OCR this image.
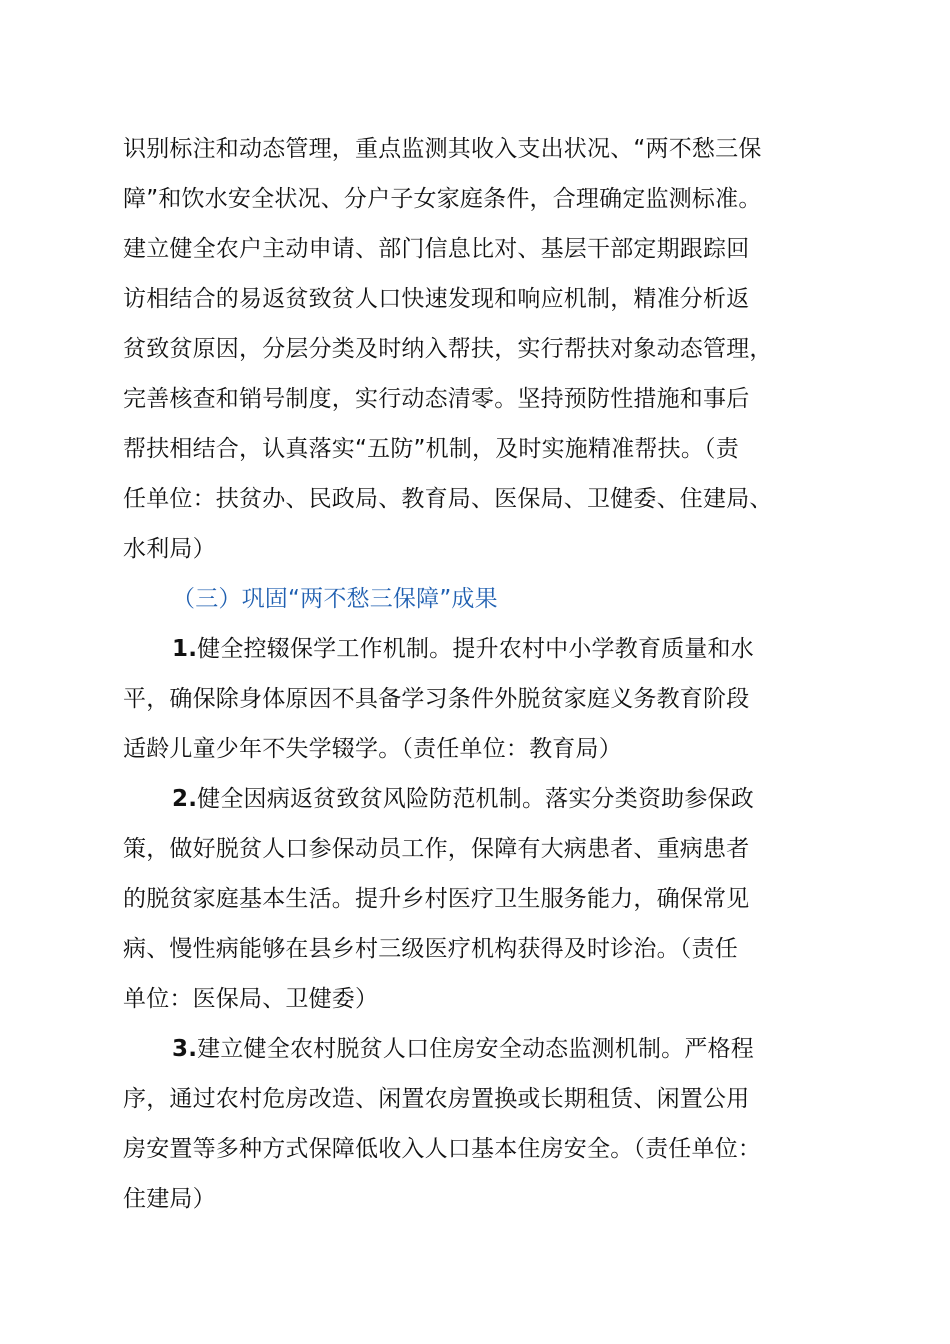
识别标注和动态管理，重点监测其收入支出状况、“两不愁三保
障”和饮水安全状况、分户子女家庭条件，合理确定监测标准。
建立健全农户主动申请、部门信息比对、基层干部定期跟踪回
访相结合的易返贫致贫人口快速发现和响应机制，精准分析返
贫致贫原因，分层分类及时纳入帮扶，实行帮扶对象动态管理，
完善核查和销号制度，实行动态清零。坚持预防性措施和事后
帮扶相结合，认真落实“五防”机制，及时实施精准帮扶。（责
任单位：扶贫办、民政局、教育局、医保局、卫健委、住建局、
水利局）
（三）巩固“两不愁三保障”成果
1.健全控辍保学工作机制。提升农村中小学教育质量和水
平，确保除身体原因不具备学习条件外脱贫家庭义务教育阶段
适龄儿童少年不失学辍学。（责任单位：教育局）
2.健全因病返贫致贫风险防范机制。落实分类资助参保政
策，做好脱贫人口参保动员工作，保障有大病患者、重病患者
的脱贫家庭基本生活。提升乡村医疗卫生服务能力，确保常见
病、慢性病能够在县乡村三级医疗机构获得及时诊治。（责任
单位：医保局、卫健委）
3.建立健全农村脱贫人口住房安全动态监测机制。严格程
序，通过农村危房改造、闲置农房置换或长期租赁、闲置公用
房安置等多种方式保障低收入人口基本住房安全。（责任单位：
住建局）
